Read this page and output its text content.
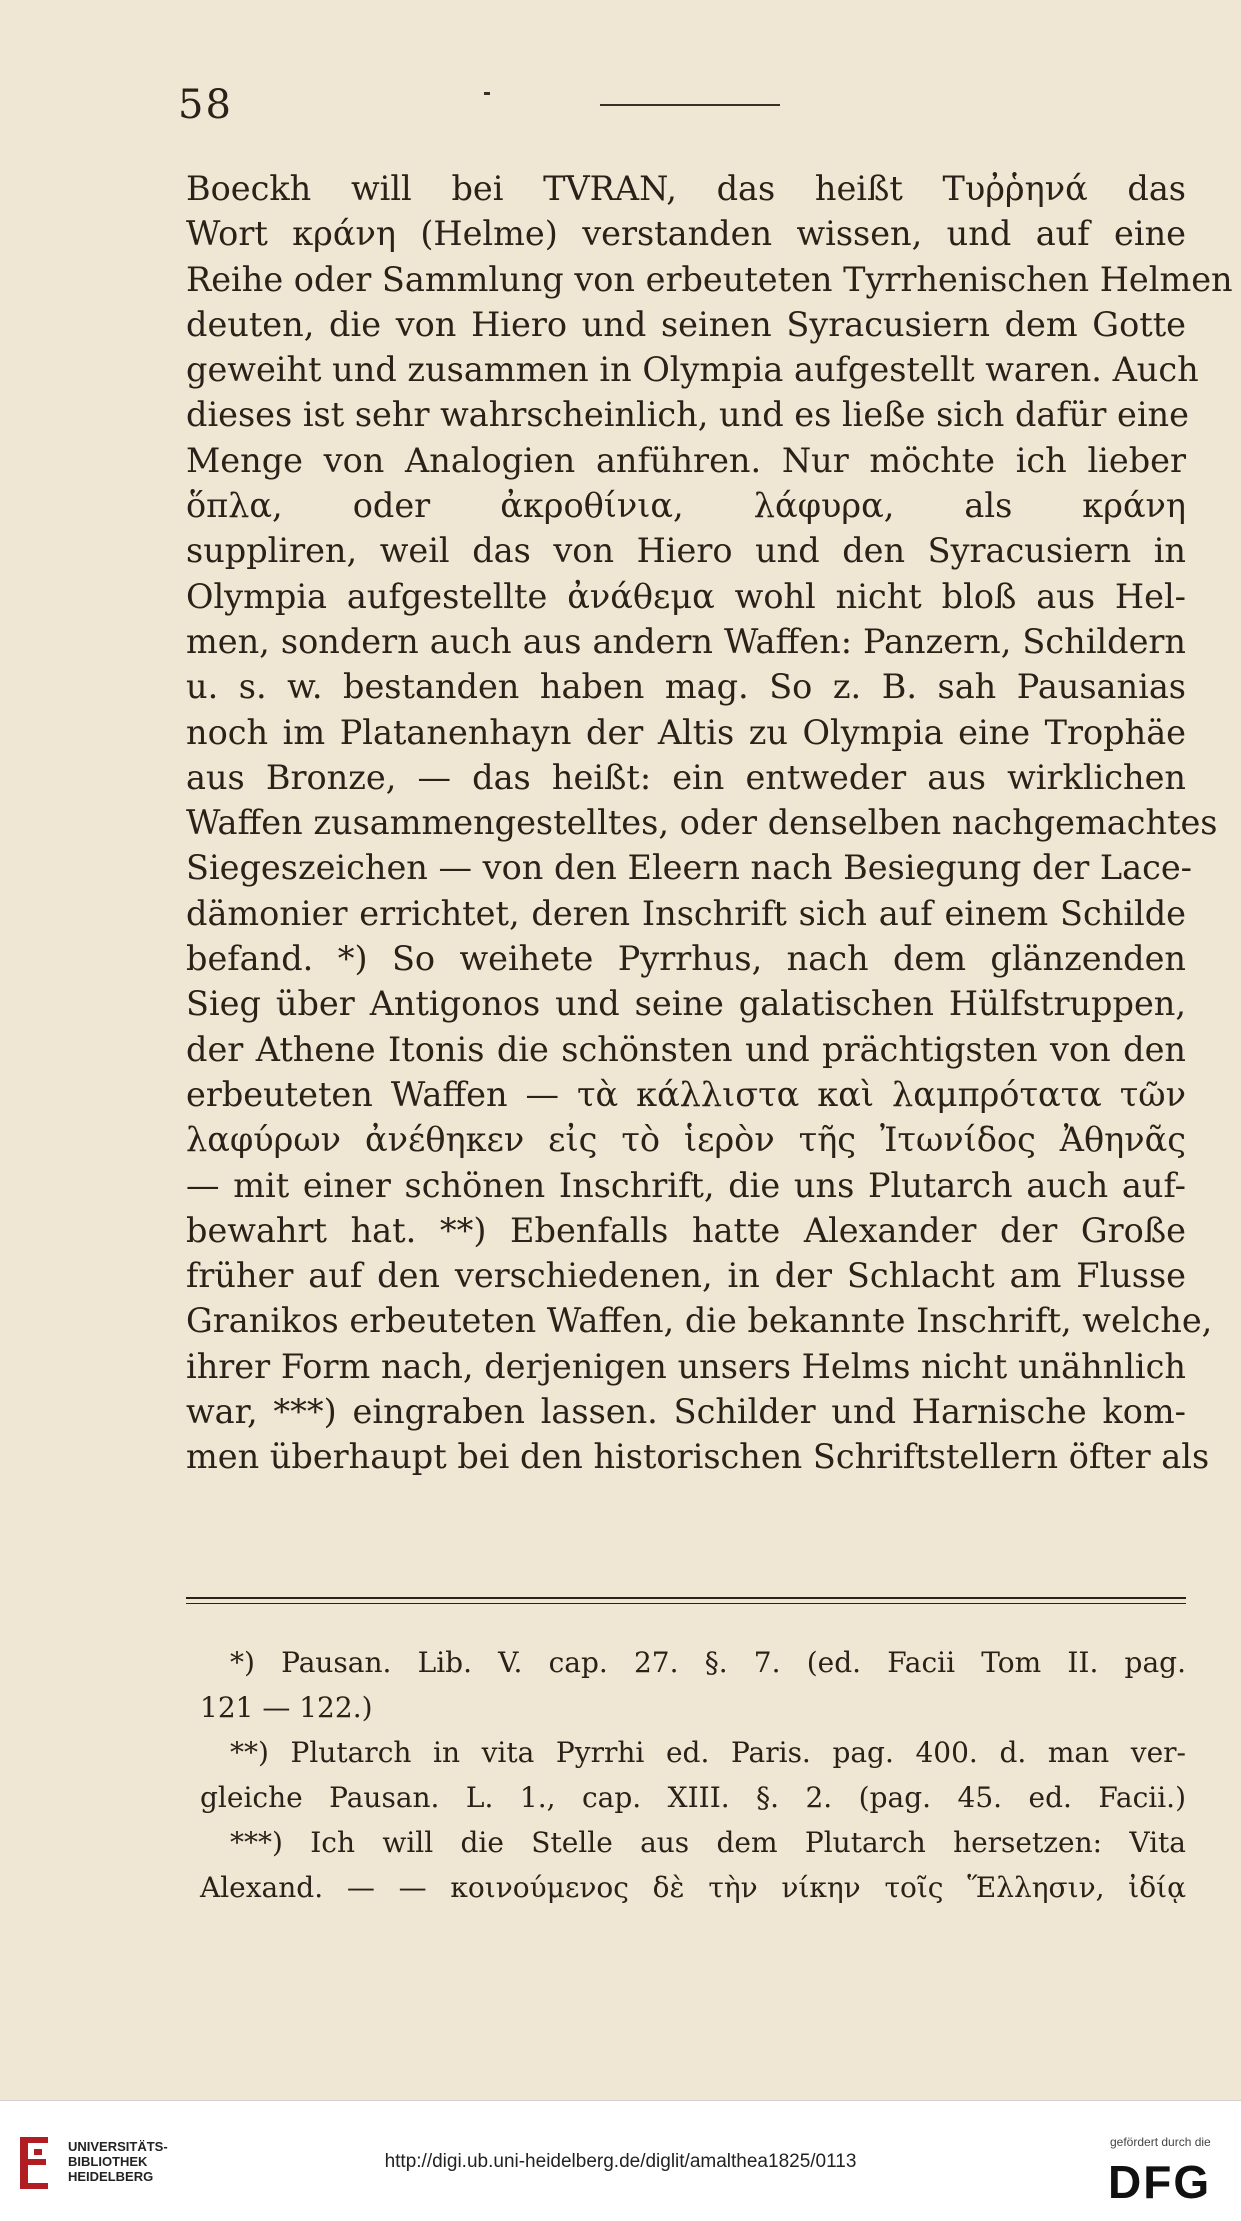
58
Boeckh will bei TVRAN, das heißt Τυῤῥηνά das
Wort κράνη (Helme) verstanden wissen, und auf eine
Reihe oder Sammlung von erbeuteten Tyrrhenischen Helmen
deuten, die von Hiero und seinen Syracusiern dem Gotte
geweiht und zusammen in Olympia aufgestellt waren. Auch
dieses ist sehr wahrscheinlich, und es ließe sich dafür eine
Menge von Analogien anführen. Nur möchte ich lieber
ὅπλα, oder ἀκροθίνια, λάφυρα, als κράνη
suppliren, weil das von Hiero und den Syracusiern in
Olympia aufgestellte ἀνάθεμα wohl nicht bloß aus Hel-
men, sondern auch aus andern Waffen: Panzern, Schildern
u. s. w. bestanden haben mag. So z. B. sah Pausanias
noch im Platanenhayn der Altis zu Olympia eine Trophäe
aus Bronze, — das heißt: ein entweder aus wirklichen
Waffen zusammengestelltes, oder denselben nachgemachtes
Siegeszeichen — von den Eleern nach Besiegung der Lace-
dämonier errichtet, deren Inschrift sich auf einem Schilde
befand. *) So weihete Pyrrhus, nach dem glänzenden
Sieg über Antigonos und seine galatischen Hülfstruppen,
der Athene Itonis die schönsten und prächtigsten von den
erbeuteten Waffen — τὰ κάλλιστα καὶ λαμπρότατα τῶν
λαφύρων ἀνέθηκεν εἰς τὸ ἱερὸν τῆς Ἰτωνίδος Ἀθηνᾶς
— mit einer schönen Inschrift, die uns Plutarch auch auf-
bewahrt hat. **) Ebenfalls hatte Alexander der Große
früher auf den verschiedenen, in der Schlacht am Flusse
Granikos erbeuteten Waffen, die bekannte Inschrift, welche,
ihrer Form nach, derjenigen unsers Helms nicht unähnlich
war, ***) eingraben lassen. Schilder und Harnische kom-
men überhaupt bei den historischen Schriftstellern öfter als
*) Pausan. Lib. V. cap. 27. §. 7. (ed. Facii Tom II. pag.
121 — 122.)
**) Plutarch in vita Pyrrhi ed. Paris. pag. 400. d. man ver-
gleiche Pausan. L. 1., cap. XIII. §. 2. (pag. 45. ed. Facii.)
***) Ich will die Stelle aus dem Plutarch hersetzen: Vita
Alexand. — — κοινούμενος δὲ τὴν νίκην τοῖς Ἕλλησιν, ἰδίᾳ
UNIVERSITÄTS-
BIBLIOTHEK
HEIDELBERG
http://digi.ub.uni-heidelberg.de/diglit/amalthea1825/0113
gefördert durch die
DFG
